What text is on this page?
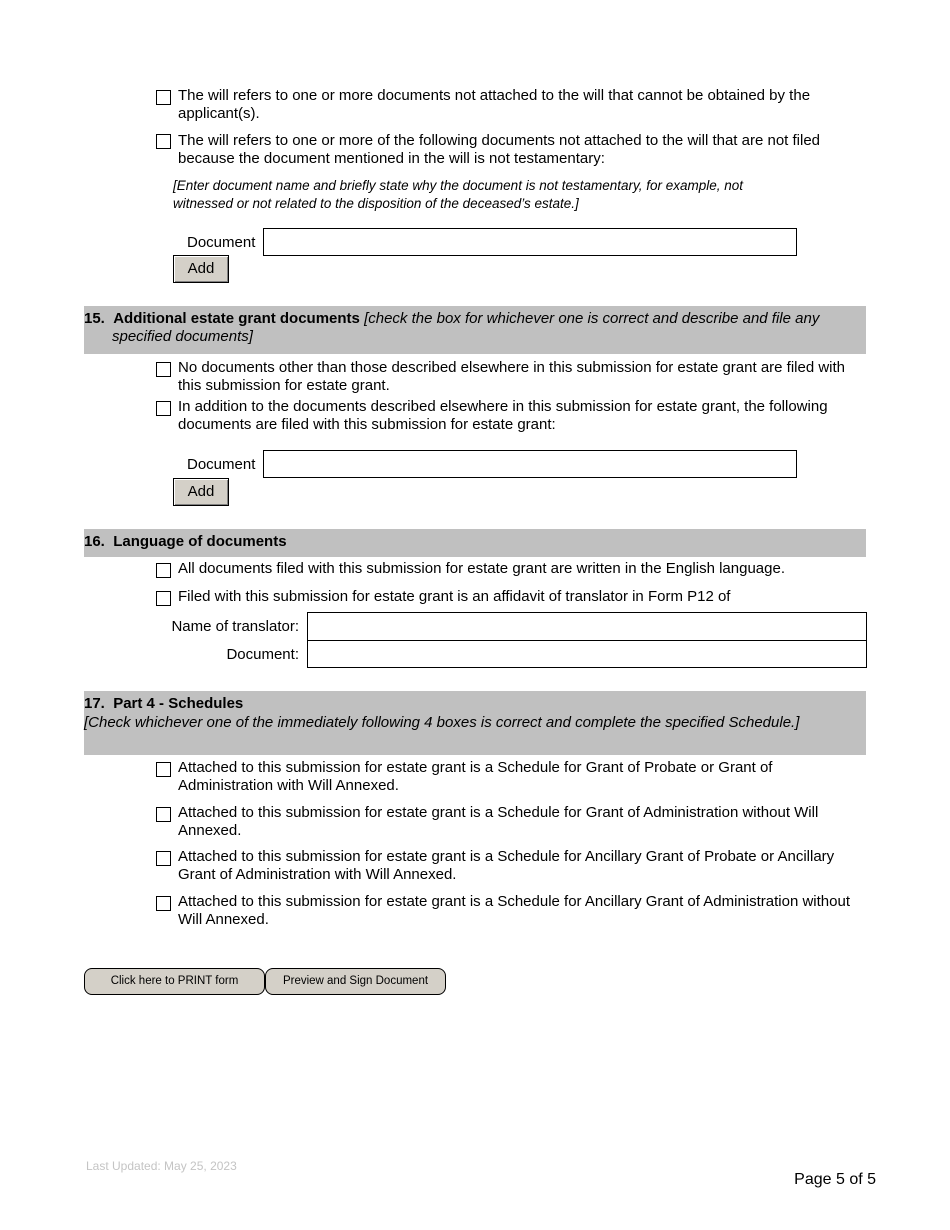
The will refers to one or more documents not attached to the will that cannot be obtained by the applicant(s).
The will refers to one or more of the following documents not attached to the will that are not filed because the document mentioned in the will is not testamentary:
[Enter document name and briefly state why the document is not testamentary, for example, not witnessed or not related to the disposition of the deceased’s estate.]
Document
Add
15. Additional estate grant documents [check the box for whichever one is correct and describe and file any specified documents]
No documents other than those described elsewhere in this submission for estate grant are filed with this submission for estate grant.
In addition to the documents described elsewhere in this submission for estate grant, the following documents are filed with this submission for estate grant:
Document
Add
16. Language of documents
All documents filed with this submission for estate grant are written in the English language.
Filed with this submission for estate grant is an affidavit of translator in Form P12 of
Name of translator:
Document:
17. Part 4 - Schedules
[Check whichever one of the immediately following 4 boxes is correct and complete the specified Schedule.]
Attached to this submission for estate grant is a Schedule for Grant of Probate or Grant of Administration with Will Annexed.
Attached to this submission for estate grant is a Schedule for Grant of Administration without Will Annexed.
Attached to this submission for estate grant is a Schedule for Ancillary Grant of Probate or Ancillary Grant of Administration with Will Annexed.
Attached to this submission for estate grant is a Schedule for Ancillary Grant of Administration without Will Annexed.
Click here to PRINT form	Preview and Sign Document
Last Updated: May 25, 2023
Page 5 of 5
